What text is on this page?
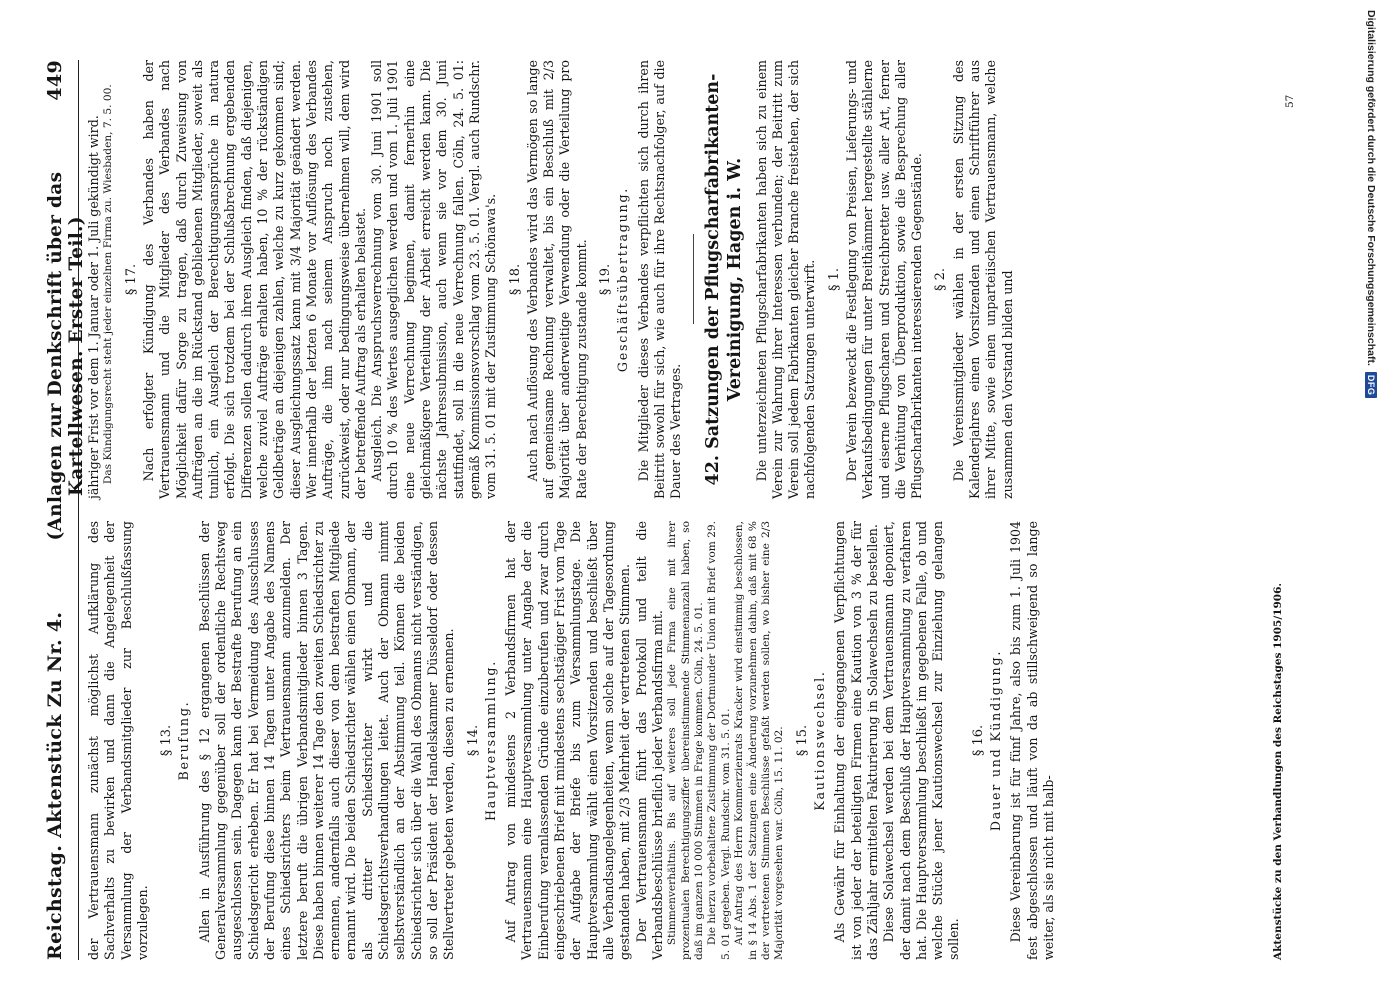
Reichstag. Aktenstück Zu Nr. 4.
(Anlagen zur Denkschrift über das Kartellwesen. Erster Teil.)
449

der Vertrauensmann zunächst möglichst Aufklärung des Sachverhalts zu bewirken und dann die Angelegenheit der Versammlung der Verbandsmitglieder zur Beschlußfassung vorzulegen.

§ 13. Berufung. Allen in Ausführung des § 12 ergangenen Beschlüssen der Generalversammlung gegenüber soll der ordentliche Rechtsweg ausgeschlossen sein. Dagegen kann der Bestrafte Berufung an ein Schiedsgericht erheben. Er hat bei Vermeidung des Ausschlusses der Berufung diese binnen 14 Tagen unter Angabe des Namens eines Schiedsrichters beim Vertrauensmann anzumelden. Der letztere beruft die übrigen Verbandsmitglieder binnen 3 Tagen. Diese haben binnen weiterer 14 Tage den zweiten Schiedsrichter zu ernennen, andernfalls auch dieser von dem bestraften Mitgliede ernannt wird. Die beiden Schiedsrichter wählen einen Obmann, der als dritter Schiedsrichter wirkt und die Schiedsgerichtsverhandlungen leitet. Auch der Obmann nimmt selbstverständlich an der Abstimmung teil. Können die beiden Schiedsrichter sich über die Wahl des Obmanns nicht verständigen, so soll der Präsident der Handelskammer Düsseldorf oder dessen Stellvertreter gebeten werden, diesen zu ernennen. § 14. Hauptversammlung. Auf Antrag von mindestens 2 Verbandsfirmen hat der Vertrauensmann eine Hauptversammlung unter Angabe der die Einberufung veranlassenden Gründe einzuberufen und zwar durch eingeschriebenen Brief mit mindestens sechstägiger Frist vom Tage der Aufgabe der Briefe bis zum Versammlungstage. Die Hauptversammlung wählt einen Vorsitzenden und beschließt über alle Verbandsangelegenheiten, wenn solche auf der Tagesordnung gestanden haben, mit 2/3 Mehrheit der vertretenen Stimmen. Der Vertrauensmann führt das Protokoll und teilt die Verbandsbeschlüsse brieflich jeder Verbandsfirma mit. Stimmenverhältnis. Bis auf weiteres soll jede Firma eine mit ihrer prozentualen Berechtigungsziffer übereinstimmende Stimmenanzahl haben, so daß im ganzen 10 000 Stimmen in Frage kommen. Cöln, 24. 5. 01. Die hierzu vorbehaltene Zustimmung der Dortmunder Union mit Brief vom 29. 5. 01 gegeben. Vergl. Rundschr. vom 31. 5. 01. Auf Antrag des Herrn Kommerzienrats Kracker wird einstimmig beschlossen, in § 14 Abs. 1 der Satzungen eine Änderung vorzunehmen dahin, daß mit 68 % der vertretenen Stimmen Beschlüsse gefaßt werden sollen, wo bisher eine 2/3 Majorität vorgesehen war. Cöln, 15. 11. 02. § 15. Kautionswechsel. Als Gewähr für Einhaltung der eingegangenen Verpflichtungen ist von jeder der beteiligten Firmen eine Kaution von 3 % der für das Zähljahr ermittelten Fakturierung in Solawechseln zu bestellen. Diese Solawechsel werden bei dem Vertrauensmann deponiert, der damit nach dem Beschluß der Hauptversammlung zu verfahren hat. Die Hauptversammlung beschließt im gegebenen Falle, ob und welche Stücke jener Kautionswechsel zur Einziehung gelangen sollen.

§ 16. Dauer und Kündigung. Diese Vereinbarung ist für fünf Jahre, also bis zum 1. Juli 1904 fest abgeschlossen und läuft von da ab stillschweigend so lange weiter, als sie nicht mit halb-

jähriger Frist vor dem 1. Januar oder 1. Juli gekündigt wird. Das Kündigungsrecht steht jeder einzelnen Firma zu. Wiesbaden, 7. 5. 00. § 17. Nach erfolgter Kündigung des Verbandes haben der Vertrauensmann und die Mitglieder des Verbandes nach Möglichkeit dafür Sorge zu tragen, daß durch Zuweisung von Aufträgen an die im Rückstand gebliebenen Mitglieder, soweit als tunlich, ein Ausgleich der Berechtigungsansprüche in natura erfolgt. Die sich trotzdem bei der Schlußabrechnung ergebenden Differenzen sollen dadurch ihren Ausgleich finden, daß diejenigen, welche zuviel Aufträge erhalten haben, 10 % der rückständigen Geldbeträge an diejenigen zahlen, welche zu kurz gekommen sind; dieser Ausgleichungssatz kann mit 3/4 Majorität geändert werden. Wer innerhalb der letzten 6 Monate vor Auflösung des Verbandes Aufträge, die ihm nach seinem Anspruch noch zustehen, zurückweist, oder nur bedingungsweise übernehmen will, dem wird der betreffende Auftrag als erhalten belastet. Ausgleich. Die Anspruchsverrechnung vom 30. Juni 1901 soll durch 10 % des Wertes ausgeglichen werden und vom 1. Juli 1901 eine neue Verrechnung beginnen, damit fernerhin eine gleichmäßigere Verteilung der Arbeit erreicht werden kann. Die nächste Jahressubmission, auch wenn sie vor dem 30. Juni stattfindet, soll in die neue Verrechnung fallen. Cöln, 24. 5. 01: gemäß Kommissionsvorschlag vom 23. 5. 01. Vergl. auch Rundschr. vom 31. 5. 01 mit der Zustimmung Schönawa's. § 18. Auch nach Auflösung des Verbandes wird das Vermögen so lange auf gemeinsame Rechnung verwaltet, bis ein Beschluß mit 2/3 Majorität über anderweitige Verwendung oder die Verteilung pro Rate der Berechtigung zustande kommt. § 19. Geschäftsübertragung. Die Mitglieder dieses Verbandes verpflichten sich durch ihren Beitritt sowohl für sich, wie auch für ihre Rechtsnachfolger, auf die Dauer des Vertrages. 42. Satzungen der Pflugscharfabrikanten-Vereinigung, Hagen i. W. Die unterzeichneten Pflugscharfabrikanten haben sich zu einem Verein zur Wahrung ihrer Interessen verbunden; der Beitritt zum Verein soll jedem Fabrikanten gleicher Branche freistehen, der sich nachfolgenden Satzungen unterwirft. § 1. Der Verein bezweckt die Festlegung von Preisen, Lieferungs- und Verkaufsbedingungen für unter Breithämmer hergestellte stählerne und eiserne Pflugscharen und Streichbretter usw. aller Art, ferner die Verhütung von Überproduktion, sowie die Besprechung aller Pflugscharfabrikanten interessierenden Gegenstände. § 2. Die Vereinsmitglieder wählen in der ersten Sitzung des Kalenderjahres einen Vorsitzenden und einen Schriftführer aus ihrer Mitte, sowie einen unparteiischen Vertrauensmann, welche zusammen den Vorstand bilden und

Aktenstücke zu den Verhandlungen des Reichstages 1905/1906.
57	Digitalisierung gefördert durch die Deutsche Forschungsgemeinschaft.
DFG
